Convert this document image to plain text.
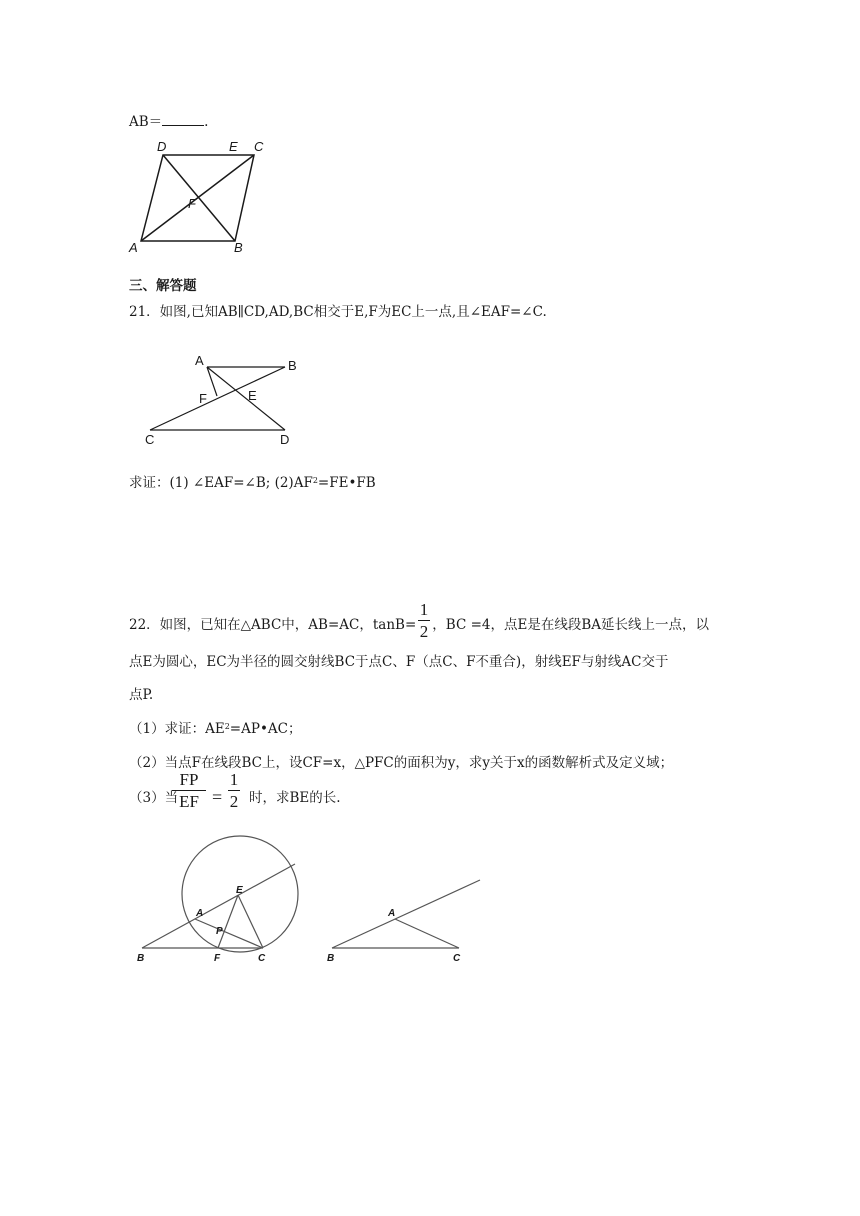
AB＝	.
D	E C
F
A	B
三、解答题
21．如图,已知AB∥CD,AD,BC相交于E,F为EC上一点,且∠EAF=∠C.
A	B
F	E
C	D
求证：(1) ∠EAF=∠B; $(2)AF^2=FE•FB$
22．如图，已知在△ABC中，AB=AC，tanB= ，BC =4，点E是在线段BA延长线上一点，以
1
2
点E为圆心，EC为半径的圆交射线BC于点C、F（点C、F不重合)，射线EF与射线AC交于
点P.
（1）求证：$AE^2=AP•AC$；
（2）当点F在线段BC上，设CF=x，△PFC的面积为y，求y关于x的函数解析式及定义域；
（3）当
FP
EF =
1
2 时，求BE的长.
E
A
P
B	F	C
A
B	C
